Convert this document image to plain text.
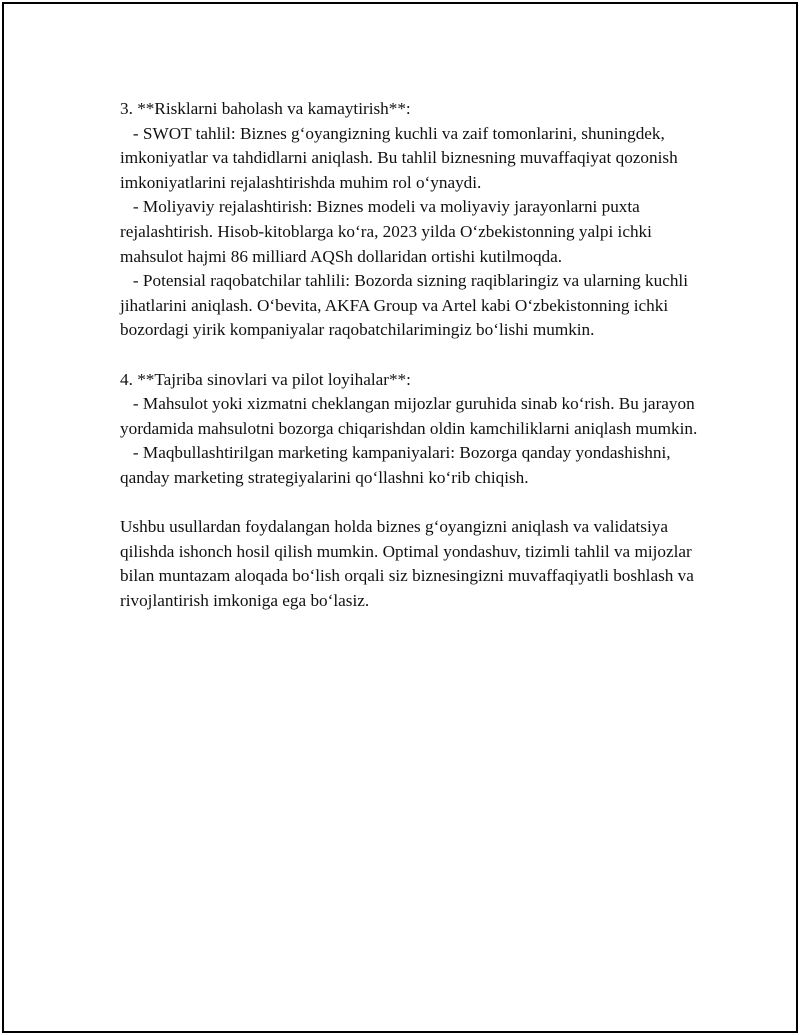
3. **Risklarni baholash va kamaytirish**:

- SWOT tahlil: Biznes g‘oyangizning kuchli va zaif tomonlarini, shuningdek, imkoniyatlar va tahdidlarni aniqlash. Bu tahlil biznesning muvaffaqiyat qozonish imkoniyatlarini rejalashtirishda muhim rol o‘ynaydi.

- Moliyaviy rejalashtirish: Biznes modeli va moliyaviy jarayonlarni puxta rejalashtirish. Hisob-kitoblarga ko‘ra, 2023 yilda O‘zbekistonning yalpi ichki mahsulot hajmi 86 milliard AQSh dollaridan ortishi kutilmoqda.

- Potensial raqobatchilar tahlili: Bozorda sizning raqiblaringiz va ularning kuchli jihatlarini aniqlash. O‘bevita, AKFA Group va Artel kabi O‘zbekistonning ichki bozordagi yirik kompaniyalar raqobatchilarimingiz bo‘lishi mumkin.

4. **Tajriba sinovlari va pilot loyihalar**:

- Mahsulot yoki xizmatni cheklangan mijozlar guruhida sinab ko‘rish. Bu jarayon yordamida mahsulotni bozorga chiqarishdan oldin kamchiliklarni aniqlash mumkin.

- Maqbullashtirilgan marketing kampaniyalari: Bozorga qanday yondashishni, qanday marketing strategiyalarini qo‘llashni ko‘rib chiqish.

Ushbu usullardan foydalangan holda biznes g‘oyangizni aniqlash va validatsiya qilishda ishonch hosil qilish mumkin. Optimal yondashuv, tizimli tahlil va mijozlar bilan muntazam aloqada bo‘lish orqali siz biznesingizni muvaffaqiyatli boshlash va rivojlantirish imkoniga ega bo‘lasiz.
